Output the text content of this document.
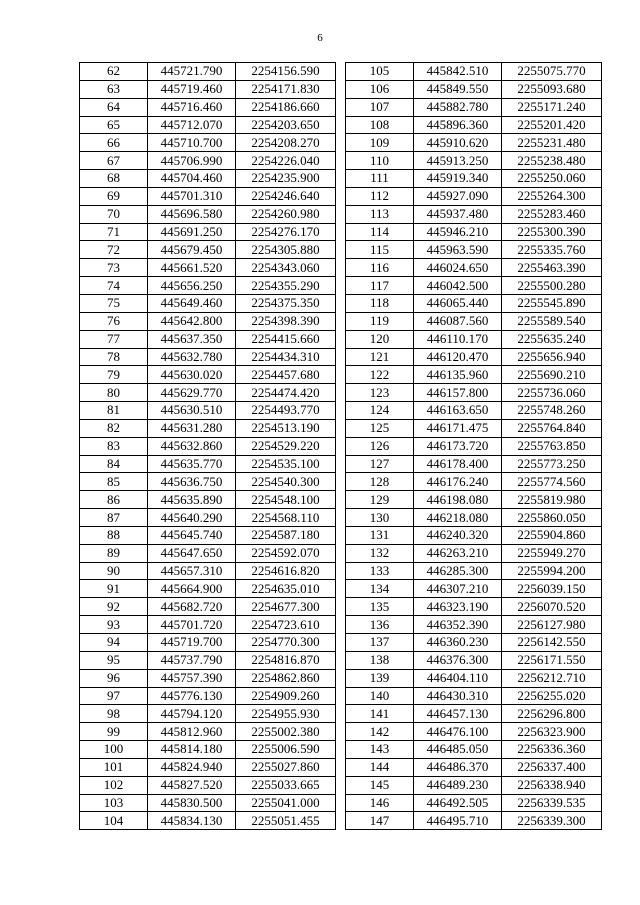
6
62	445721.790	2254156.590
63	445719.460	2254171.830
64	445716.460	2254186.660
65	445712.070	2254203.650
66	445710.700	2254208.270
67	445706.990	2254226.040
68	445704.460	2254235.900
69	445701.310	2254246.640
70	445696.580	2254260.980
71	445691.250	2254276.170
72	445679.450	2254305.880
73	445661.520	2254343.060
74	445656.250	2254355.290
75	445649.460	2254375.350
76	445642.800	2254398.390
77	445637.350	2254415.660
78	445632.780	2254434.310
79	445630.020	2254457.680
80	445629.770	2254474.420
81	445630.510	2254493.770
82	445631.280	2254513.190
83	445632.860	2254529.220
84	445635.770	2254535.100
85	445636.750	2254540.300
86	445635.890	2254548.100
87	445640.290	2254568.110
88	445645.740	2254587.180
89	445647.650	2254592.070
90	445657.310	2254616.820
91	445664.900	2254635.010
92	445682.720	2254677.300
93	445701.720	2254723.610
94	445719.700	2254770.300
95	445737.790	2254816.870
96	445757.390	2254862.860
97	445776.130	2254909.260
98	445794.120	2254955.930
99	445812.960	2255002.380
100	445814.180	2255006.590
101	445824.940	2255027.860
102	445827.520	2255033.665
103	445830.500	2255041.000
104	445834.130	2255051.455
105	445842.510	2255075.770
106	445849.550	2255093.680
107	445882.780	2255171.240
108	445896.360	2255201.420
109	445910.620	2255231.480
110	445913.250	2255238.480
111	445919.340	2255250.060
112	445927.090	2255264.300
113	445937.480	2255283.460
114	445946.210	2255300.390
115	445963.590	2255335.760
116	446024.650	2255463.390
117	446042.500	2255500.280
118	446065.440	2255545.890
119	446087.560	2255589.540
120	446110.170	2255635.240
121	446120.470	2255656.940
122	446135.960	2255690.210
123	446157.800	2255736.060
124	446163.650	2255748.260
125	446171.475	2255764.840
126	446173.720	2255763.850
127	446178.400	2255773.250
128	446176.240	2255774.560
129	446198.080	2255819.980
130	446218.080	2255860.050
131	446240.320	2255904.860
132	446263.210	2255949.270
133	446285.300	2255994.200
134	446307.210	2256039.150
135	446323.190	2256070.520
136	446352.390	2256127.980
137	446360.230	2256142.550
138	446376.300	2256171.550
139	446404.110	2256212.710
140	446430.310	2256255.020
141	446457.130	2256296.800
142	446476.100	2256323.900
143	446485.050	2256336.360
144	446486.370	2256337.400
145	446489.230	2256338.940
146	446492.505	2256339.535
147	446495.710	2256339.300
